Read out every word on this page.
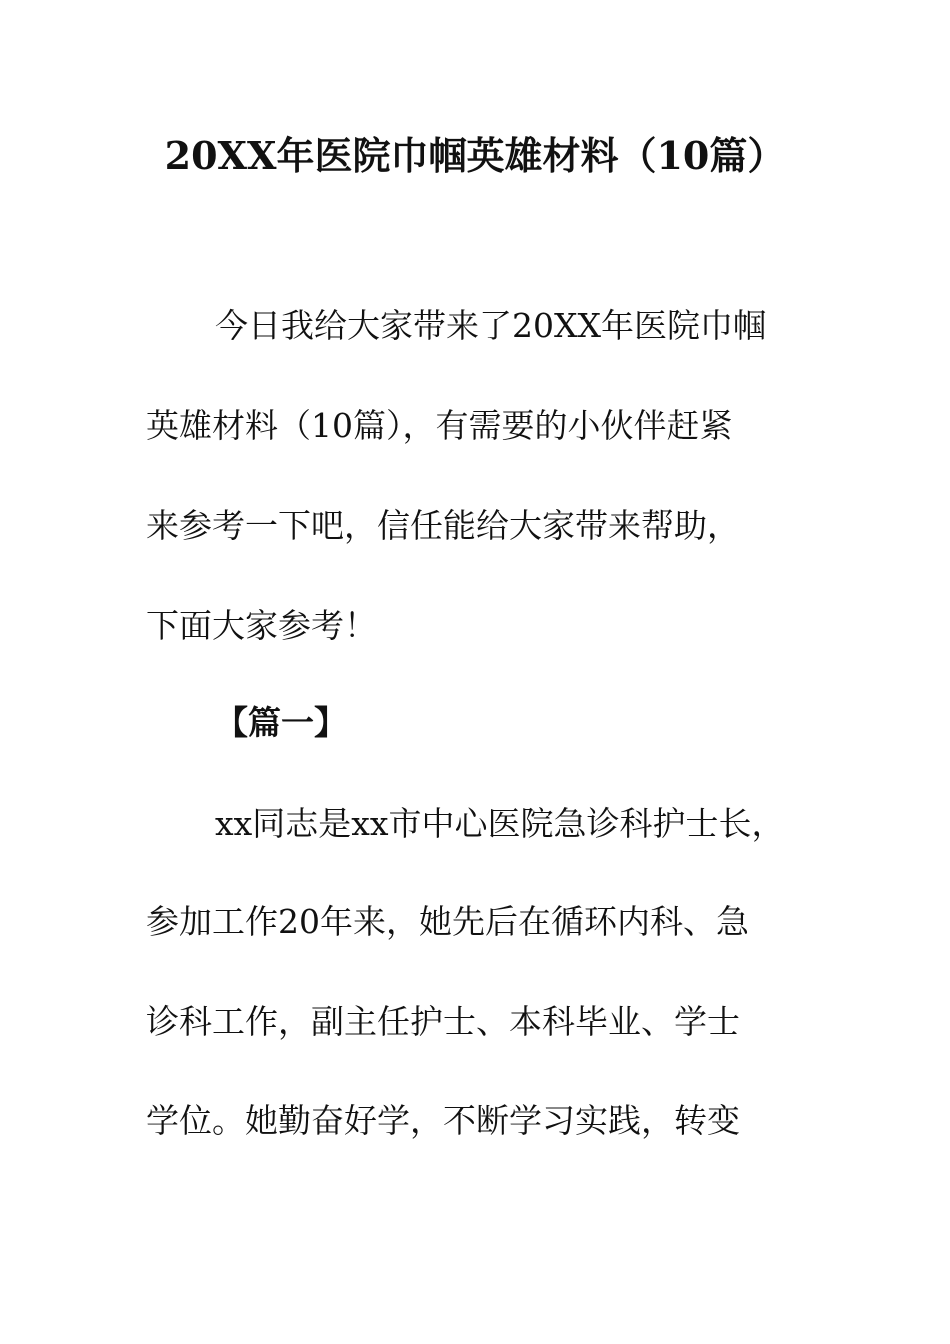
20XX年医院巾帼英雄材料（10篇）
今日我给大家带来了20XX年医院巾帼
英雄材料（10篇），有需要的小伙伴赶紧
来参考一下吧，信任能给大家带来帮助，
下面大家参考！
【篇一】
xx同志是xx市中心医院急诊科护士长，
参加工作20年来，她先后在循环内科、急
诊科工作，副主任护士、本科毕业、学士
学位。她勤奋好学，不断学习实践，转变
